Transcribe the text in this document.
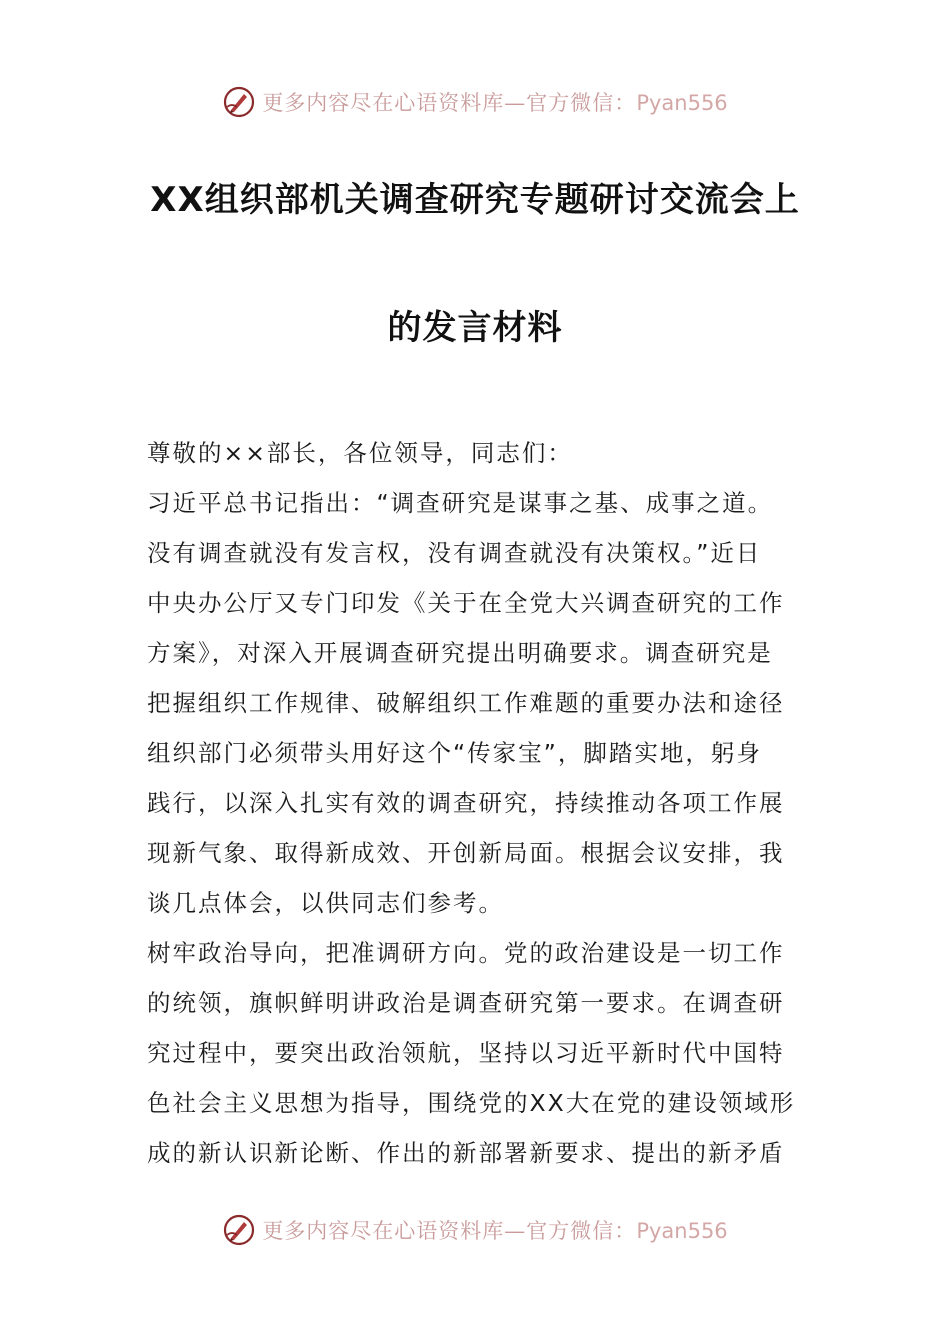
更多内容尽在心语资料库—官方微信：Pyan556
XX组织部机关调查研究专题研讨交流会上
的发言材料

尊敬的××部长，各位领导，同志们：

习近平总书记指出：“调查研究是谋事之基、成事之道。

没有调查就没有发言权，没有调查就没有决策权。”近日

中央办公厅又专门印发《关于在全党大兴调查研究的工作

方案》，对深入开展调查研究提出明确要求。调查研究是

把握组织工作规律、破解组织工作难题的重要办法和途径

组织部门必须带头用好这个“传家宝”，脚踏实地，躬身

践行，以深入扎实有效的调查研究，持续推动各项工作展

现新气象、取得新成效、开创新局面。根据会议安排，我

谈几点体会，以供同志们参考。

树牢政治导向，把准调研方向。党的政治建设是一切工作

的统领，旗帜鲜明讲政治是调查研究第一要求。在调查研

究过程中，要突出政治领航，坚持以习近平新时代中国特

色社会主义思想为指导，围绕党的XX大在党的建设领域形

成的新认识新论断、作出的新部署新要求、提出的新矛盾

更多内容尽在心语资料库—官方微信：Pyan556
